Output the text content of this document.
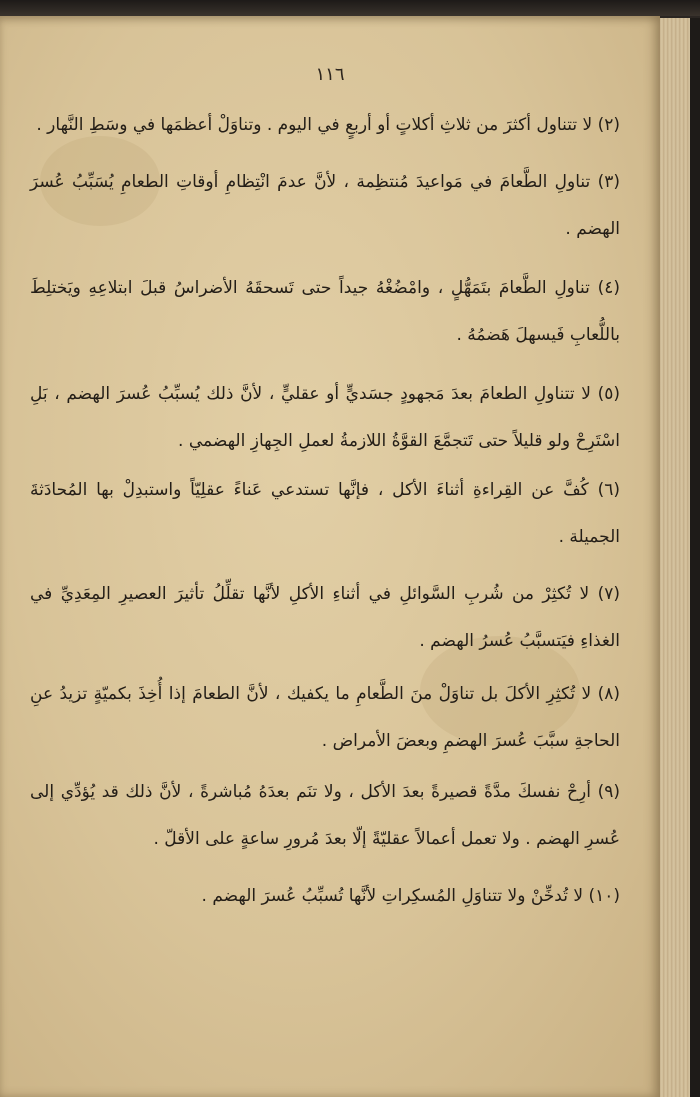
١١٦

(٢) لا تتناول أكثرَ من ثلاثِ أكلاتٍ أو أربعٍ في اليوم . وتناوَلْ أعظمَها في وسَطِ النَّهار .

(٣) تناولِ الطَّعامَ في مَواعيدَ مُنتظِمة ، لأنَّ عدمَ انْتِظامِ أوقاتِ الطعامِ يُسَبِّبُ عُسرَ الهضم .

(٤) تناولِ الطَّعامَ بتَمَهُّلٍ ، وامْضُغْهُ جيداً حتى تَسحقَهُ الأضراسُ قبلَ ابتلاعِهِ ويَختلِطَ باللُّعابِ فَيسهلَ هَضمُهُ .

(٥) لا تتناولِ الطعامَ بعدَ مَجهودٍ جسَديٍّ أو عقليٍّ ، لأنَّ ذلك يُسبِّبُ عُسرَ الهضم ، بَلِ اسْتَرِحْ ولو قليلاً حتى تَتجمَّعَ القوَّةُ اللازمةُ لعملِ الجِهازِ الهضمي .

(٦) كُفَّ عن القِراءةِ أثناءَ الأكل ، فإنَّها تستدعي عَناءً عقلِيّاً واستبدِلْ بها المُحادَثةَ الجميلة .

(٧) لا تُكثِرْ من شُربِ السَّوائلِ في أثناءِ الأكلِ لأنَّها تقلِّلُ تأثيرَ العصيرِ المِعَدِيِّ في الغذاءِ فيَتسبَّبُ عُسرُ الهضم .

(٨) لا تُكثِرِ الأكلَ بل تناوَلْ منَ الطَّعامِ ما يكفيك ، لأنَّ الطعامَ إذا أُخِذَ بكميّةٍ تزيدُ عنِ الحاجةِ سبَّبَ عُسرَ الهضمِ وبعضَ الأمراض .

(٩) أرِحْ نفسكَ مدَّةً قصيرةً بعدَ الأكل ، ولا تنَم بعدَهُ مُباشرةً ، لأنَّ ذلك قد يُؤدِّي إلى عُسرِ الهضم . ولا تعمل أعمالاً عقليّةً إلّا بعدَ مُرورِ ساعةٍ على الأقلّ .

(١٠) لا تُدخِّنْ ولا تتناوَلِ المُسكِراتِ لأنَّها تُسبِّبُ عُسرَ الهضم .
